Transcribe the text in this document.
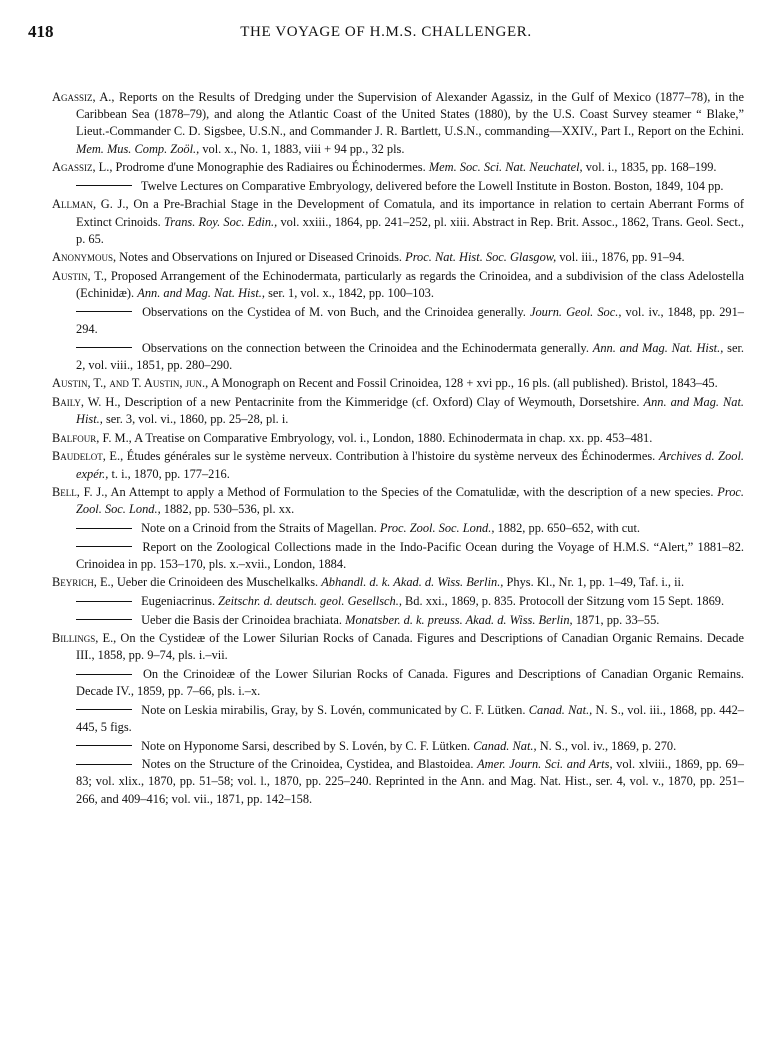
418	THE VOYAGE OF H.M.S. CHALLENGER.

Agassiz, A., Reports on the Results of Dredging under the Supervision of Alexander Agassiz, in the Gulf of Mexico (1877–78), in the Caribbean Sea (1878–79), and along the Atlantic Coast of the United States (1880), by the U.S. Coast Survey steamer “ Blake,” Lieut.-Commander C. D. Sigsbee, U.S.N., and Commander J. R. Bartlett, U.S.N., commanding—XXIV., Part I., Report on the Echini. Mem. Mus. Comp. Zoöl., vol. x., No. 1, 1883, viii + 94 pp., 32 pls.

Agassiz, L., Prodrome d'une Monographie des Radiaires ou Échinodermes. Mem. Soc. Sci. Nat. Neuchatel, vol. i., 1835, pp. 168–199.

Twelve Lectures on Comparative Embryology, delivered before the Lowell Institute in Boston. Boston, 1849, 104 pp.

Allman, G. J., On a Pre-Brachial Stage in the Development of Comatula, and its importance in relation to certain Aberrant Forms of Extinct Crinoids. Trans. Roy. Soc. Edin., vol. xxiii., 1864, pp. 241–252, pl. xiii. Abstract in Rep. Brit. Assoc., 1862, Trans. Geol. Sect., p. 65.

Anonymous, Notes and Observations on Injured or Diseased Crinoids. Proc. Nat. Hist. Soc. Glasgow, vol. iii., 1876, pp. 91–94.

Austin, T., Proposed Arrangement of the Echinodermata, particularly as regards the Crinoidea, and a subdivision of the class Adelostella (Echinidæ). Ann. and Mag. Nat. Hist., ser. 1, vol. x., 1842, pp. 100–103.

Observations on the Cystidea of M. von Buch, and the Crinoidea generally. Journ. Geol. Soc., vol. iv., 1848, pp. 291–294.

Observations on the connection between the Crinoidea and the Echinodermata generally. Ann. and Mag. Nat. Hist., ser. 2, vol. viii., 1851, pp. 280–290.

Austin, T., and T. Austin, jun., A Monograph on Recent and Fossil Crinoidea, 128 + xvi pp., 16 pls. (all published). Bristol, 1843–45.

Baily, W. H., Description of a new Pentacrinite from the Kimmeridge (cf. Oxford) Clay of Weymouth, Dorsetshire. Ann. and Mag. Nat. Hist., ser. 3, vol. vi., 1860, pp. 25–28, pl. i.

Balfour, F. M., A Treatise on Comparative Embryology, vol. i., London, 1880. Echinodermata in chap. xx. pp. 453–481.

Baudelot, E., Études générales sur le système nerveux. Contribution à l'histoire du système nerveux des Échinodermes. Archives d. Zool. expér., t. i., 1870, pp. 177–216.

Bell, F. J., An Attempt to apply a Method of Formulation to the Species of the Comatulidæ, with the description of a new species. Proc. Zool. Soc. Lond., 1882, pp. 530–536, pl. xx.

Note on a Crinoid from the Straits of Magellan. Proc. Zool. Soc. Lond., 1882, pp. 650–652, with cut.

Report on the Zoological Collections made in the Indo-Pacific Ocean during the Voyage of H.M.S. “Alert,” 1881–82. Crinoidea in pp. 153–170, pls. x.–xvii., London, 1884.

Beyrich, E., Ueber die Crinoideen des Muschelkalks. Abhandl. d. k. Akad. d. Wiss. Berlin., Phys. Kl., Nr. 1, pp. 1–49, Taf. i., ii.

Eugeniacrinus. Zeitschr. d. deutsch. geol. Gesellsch., Bd. xxi., 1869, p. 835. Protocoll der Sitzung vom 15 Sept. 1869.

Ueber die Basis der Crinoidea brachiata. Monatsber. d. k. preuss. Akad. d. Wiss. Berlin, 1871, pp. 33–55.

Billings, E., On the Cystideæ of the Lower Silurian Rocks of Canada. Figures and Descriptions of Canadian Organic Remains. Decade III., 1858, pp. 9–74, pls. i.–vii.

On the Crinoideæ of the Lower Silurian Rocks of Canada. Figures and Descriptions of Canadian Organic Remains. Decade IV., 1859, pp. 7–66, pls. i.–x.

Note on Leskia mirabilis, Gray, by S. Lovén, communicated by C. F. Lütken. Canad. Nat., N. S., vol. iii., 1868, pp. 442–445, 5 figs.

Note on Hyponome Sarsi, described by S. Lovén, by C. F. Lütken. Canad. Nat., N. S., vol. iv., 1869, p. 270.

Notes on the Structure of the Crinoidea, Cystidea, and Blastoidea. Amer. Journ. Sci. and Arts, vol. xlviii., 1869, pp. 69–83; vol. xlix., 1870, pp. 51–58; vol. l., 1870, pp. 225–240. Reprinted in the Ann. and Mag. Nat. Hist., ser. 4, vol. v., 1870, pp. 251–266, and 409–416; vol. vii., 1871, pp. 142–158.
